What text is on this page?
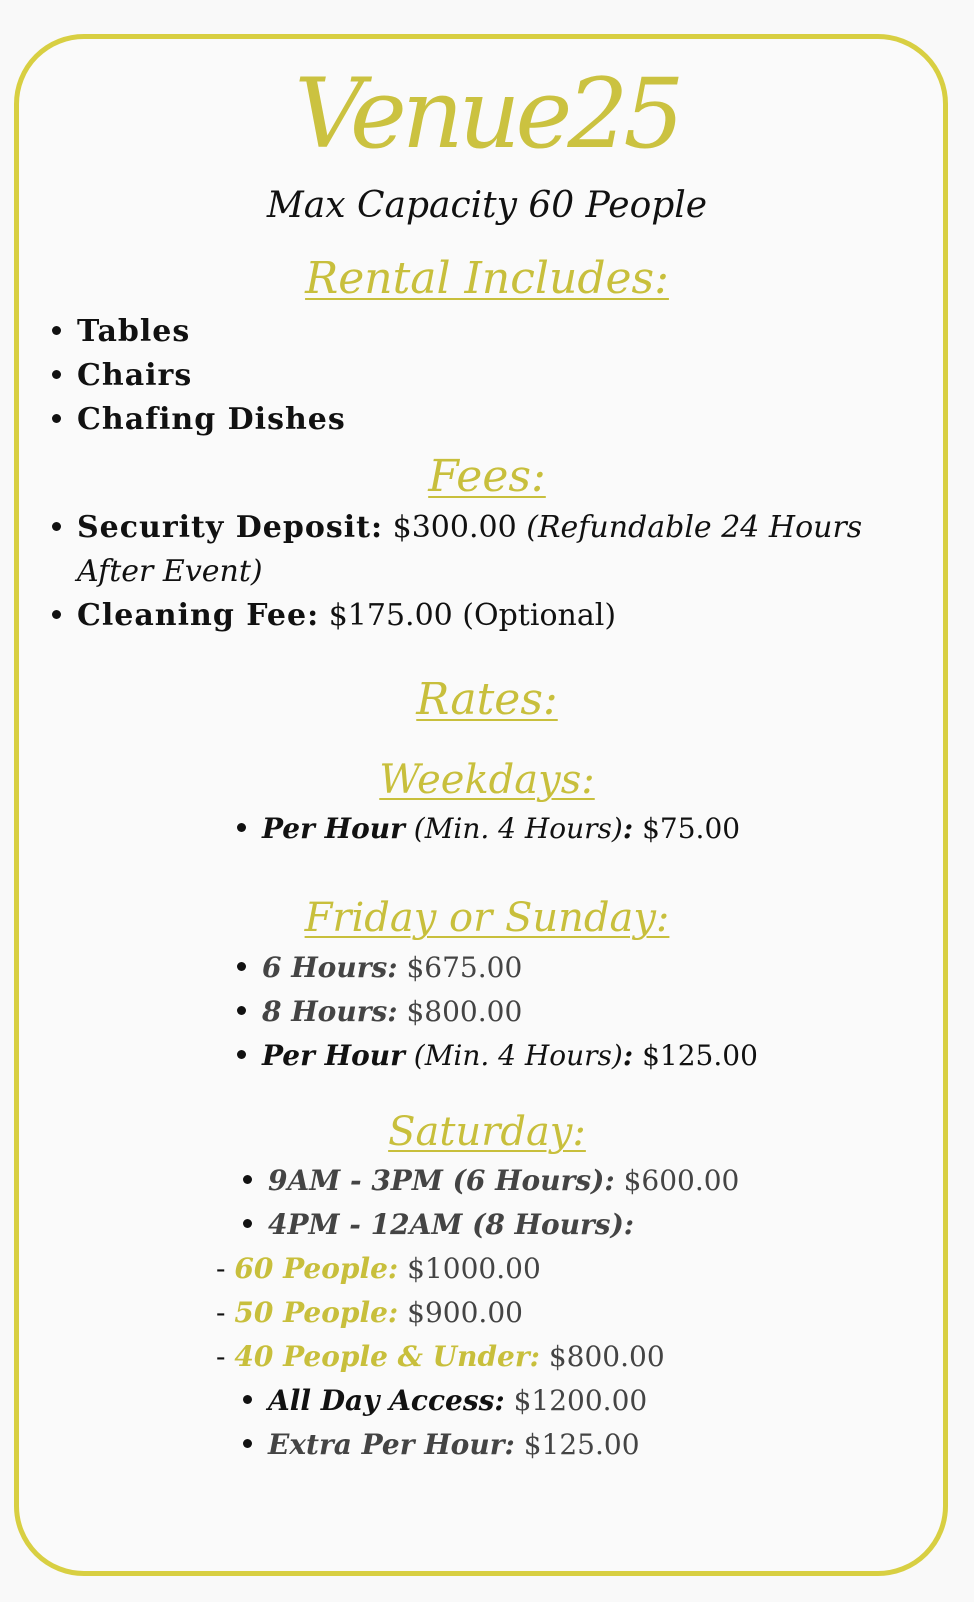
Venue25
Max Capacity 60 People
Rental Includes:
Tables
Chairs
Chafing Dishes
Fees:
Security Deposit: $300.00 (Refundable 24 Hours
After Event)
Cleaning Fee: $175.00 (Optional)
Rates:
Weekdays:
Per Hour (Min. 4 Hours): $75.00
Friday or Sunday:
6 Hours: $675.00
8 Hours: $800.00
Per Hour (Min. 4 Hours): $125.00
Saturday:
9AM - 3PM (6 Hours): $600.00
4PM - 12AM (8 Hours):
- 60 People: $1000.00
- 50 People: $900.00
- 40 People & Under: $800.00
All Day Access: $1200.00
Extra Per Hour: $125.00
